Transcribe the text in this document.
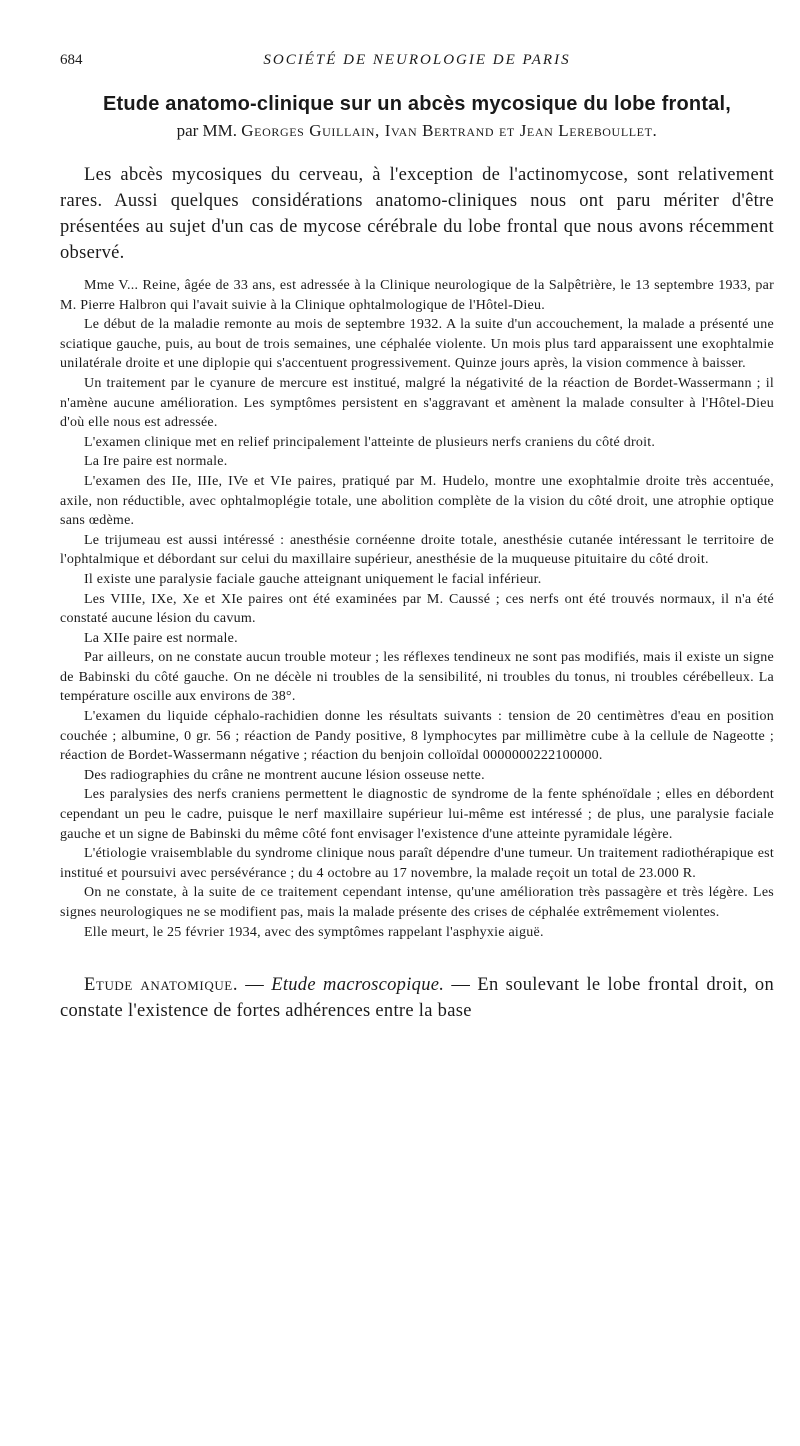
684	SOCIÉTÉ DE NEUROLOGIE DE PARIS
Etude anatomo-clinique sur un abcès mycosique du lobe frontal,
par MM. Georges Guillain, Ivan Bertrand et Jean Lereboullet.

Les abcès mycosiques du cerveau, à l'exception de l'actinomycose, sont relativement rares. Aussi quelques considérations anatomo-cliniques nous ont paru mériter d'être présentées au sujet d'un cas de mycose cérébrale du lobe frontal que nous avons récemment observé.

Mme V... Reine, âgée de 33 ans, est adressée à la Clinique neurologique de la Salpêtrière, le 13 septembre 1933, par M. Pierre Halbron qui l'avait suivie à la Clinique ophtalmologique de l'Hôtel-Dieu.

Le début de la maladie remonte au mois de septembre 1932. A la suite d'un accouchement, la malade a présenté une sciatique gauche, puis, au bout de trois semaines, une céphalée violente. Un mois plus tard apparaissent une exophtalmie unilatérale droite et une diplopie qui s'accentuent progressivement. Quinze jours après, la vision commence à baisser.

Un traitement par le cyanure de mercure est institué, malgré la négativité de la réaction de Bordet-Wassermann ; il n'amène aucune amélioration. Les symptômes persistent en s'aggravant et amènent la malade consulter à l'Hôtel-Dieu d'où elle nous est adressée.

L'examen clinique met en relief principalement l'atteinte de plusieurs nerfs craniens du côté droit.

La Ire paire est normale.

L'examen des IIe, IIIe, IVe et VIe paires, pratiqué par M. Hudelo, montre une exophtalmie droite très accentuée, axile, non réductible, avec ophtalmoplégie totale, une abolition complète de la vision du côté droit, une atrophie optique sans œdème.

Le trijumeau est aussi intéressé : anesthésie cornéenne droite totale, anesthésie cutanée intéressant le territoire de l'ophtalmique et débordant sur celui du maxillaire supérieur, anesthésie de la muqueuse pituitaire du côté droit.

Il existe une paralysie faciale gauche atteignant uniquement le facial inférieur.

Les VIIIe, IXe, Xe et XIe paires ont été examinées par M. Caussé ; ces nerfs ont été trouvés normaux, il n'a été constaté aucune lésion du cavum.

La XIIe paire est normale.

Par ailleurs, on ne constate aucun trouble moteur ; les réflexes tendineux ne sont pas modifiés, mais il existe un signe de Babinski du côté gauche. On ne décèle ni troubles de la sensibilité, ni troubles du tonus, ni troubles cérébelleux. La température oscille aux environs de 38°.

L'examen du liquide céphalo-rachidien donne les résultats suivants : tension de 20 centimètres d'eau en position couchée ; albumine, 0 gr. 56 ; réaction de Pandy positive, 8 lymphocytes par millimètre cube à la cellule de Nageotte ; réaction de Bordet-Wassermann négative ; réaction du benjoin colloïdal 0000000222100000.

Des radiographies du crâne ne montrent aucune lésion osseuse nette.

Les paralysies des nerfs craniens permettent le diagnostic de syndrome de la fente sphénoïdale ; elles en débordent cependant un peu le cadre, puisque le nerf maxillaire supérieur lui-même est intéressé ; de plus, une paralysie faciale gauche et un signe de Babinski du même côté font envisager l'existence d'une atteinte pyramidale légère.

L'étiologie vraisemblable du syndrome clinique nous paraît dépendre d'une tumeur. Un traitement radiothérapique est institué et poursuivi avec persévérance ; du 4 octobre au 17 novembre, la malade reçoit un total de 23.000 R.

On ne constate, à la suite de ce traitement cependant intense, qu'une amélioration très passagère et très légère. Les signes neurologiques ne se modifient pas, mais la malade présente des crises de céphalée extrêmement violentes.

Elle meurt, le 25 février 1934, avec des symptômes rappelant l'asphyxie aiguë.

Etude anatomique. — Etude macroscopique. — En soulevant le lobe frontal droit, on constate l'existence de fortes adhérences entre la base
